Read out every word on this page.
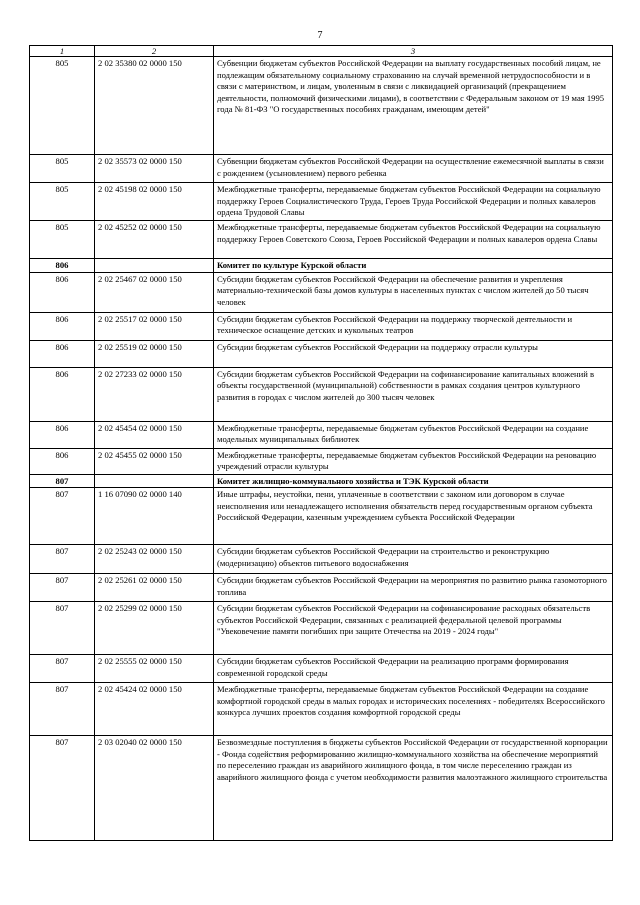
7
1	2	3
805	2 02 35380 02 0000 150	Субвенции бюджетам субъектов Российской Федерации на выплату государственных пособий лицам, не подлежащим обязательному социальному страхованию на случай временной нетрудоспособности и в связи с материнством, и лицам, уволенным в связи с ликвидацией организаций (прекращением деятельности, полномочий физическими лицами), в соответствии с Федеральным законом от 19 мая 1995 года № 81-ФЗ "О государственных пособиях гражданам, имеющим детей"
805	2 02 35573 02 0000 150	Субвенции бюджетам субъектов Российской Федерации на осуществление ежемесячной выплаты в связи с рождением (усыновлением) первого ребенка
805	2 02 45198 02 0000 150	Межбюджетные трансферты, передаваемые бюджетам субъектов Российской Федерации на социальную поддержку Героев Социалистического Труда, Героев Труда Российской Федерации и полных кавалеров ордена Трудовой Славы
805	2 02 45252 02 0000 150	Межбюджетные трансферты, передаваемые бюджетам субъектов Российской Федерации на социальную поддержку Героев Советского Союза, Героев Российской Федерации и полных кавалеров ордена Славы
806		Комитет по культуре Курской области
806	2 02 25467 02 0000 150	Субсидии бюджетам субъектов Российской Федерации на обеспечение развития и укрепления материально-технической базы домов культуры в населенных пунктах с числом жителей до 50 тысяч человек
806	2 02 25517 02 0000 150	Субсидии бюджетам субъектов Российской Федерации на поддержку творческой деятельности и техническое оснащение детских и кукольных театров
806	2 02 25519 02 0000 150	Субсидии бюджетам субъектов Российской Федерации на поддержку отрасли культуры
806	2 02 27233 02 0000 150	Субсидии бюджетам субъектов Российской Федерации на софинансирование капитальных вложений в объекты государственной (муниципальной) собственности в рамках создания центров культурного развития в городах с числом жителей до 300 тысяч человек
806	2 02 45454 02 0000 150	Межбюджетные трансферты, передаваемые бюджетам субъектов Российской Федерации на создание модельных муниципальных библиотек
806	2 02 45455 02 0000 150	Межбюджетные трансферты, передаваемые бюджетам субъектов Российской Федерации на реновацию учреждений отрасли культуры
807		Комитет жилищно-коммунального хозяйства и ТЭК Курской области
807	1 16 07090 02 0000 140	Иные штрафы, неустойки, пени, уплаченные в соответствии с законом или договором в случае неисполнения или ненадлежащего исполнения обязательств перед государственным органом субъекта Российской Федерации, казенным учреждением субъекта Российской Федерации
807	2 02 25243 02 0000 150	Субсидии бюджетам субъектов Российской Федерации на строительство и реконструкцию (модернизацию) объектов питьевого водоснабжения
807	2 02 25261 02 0000 150	Субсидии бюджетам субъектов Российской Федерации на мероприятия по развитию рынка газомоторного топлива
807	2 02 25299 02 0000 150	Субсидии бюджетам субъектов Российской Федерации на софинансирование расходных обязательств субъектов Российской Федерации, связанных с реализацией федеральной целевой программы "Увековечение памяти погибших при защите Отечества на 2019 - 2024 годы"
807	2 02 25555 02 0000 150	Субсидии бюджетам субъектов Российской Федерации на реализацию программ формирования современной городской среды
807	2 02 45424 02 0000 150	Межбюджетные трансферты, передаваемые бюджетам субъектов Российской Федерации на создание комфортной городской среды в малых городах и исторических поселениях - победителях Всероссийского конкурса лучших проектов создания комфортной городской среды
807	2 03 02040 02 0000 150	Безвозмездные поступления в бюджеты субъектов Российской Федерации от государственной корпорации - Фонда содействия реформированию жилищно-коммунального хозяйства на обеспечение мероприятий по переселению граждан из аварийного жилищного фонда, в том числе переселению граждан из аварийного жилищного фонда с учетом необходимости развития малоэтажного жилищного строительства
